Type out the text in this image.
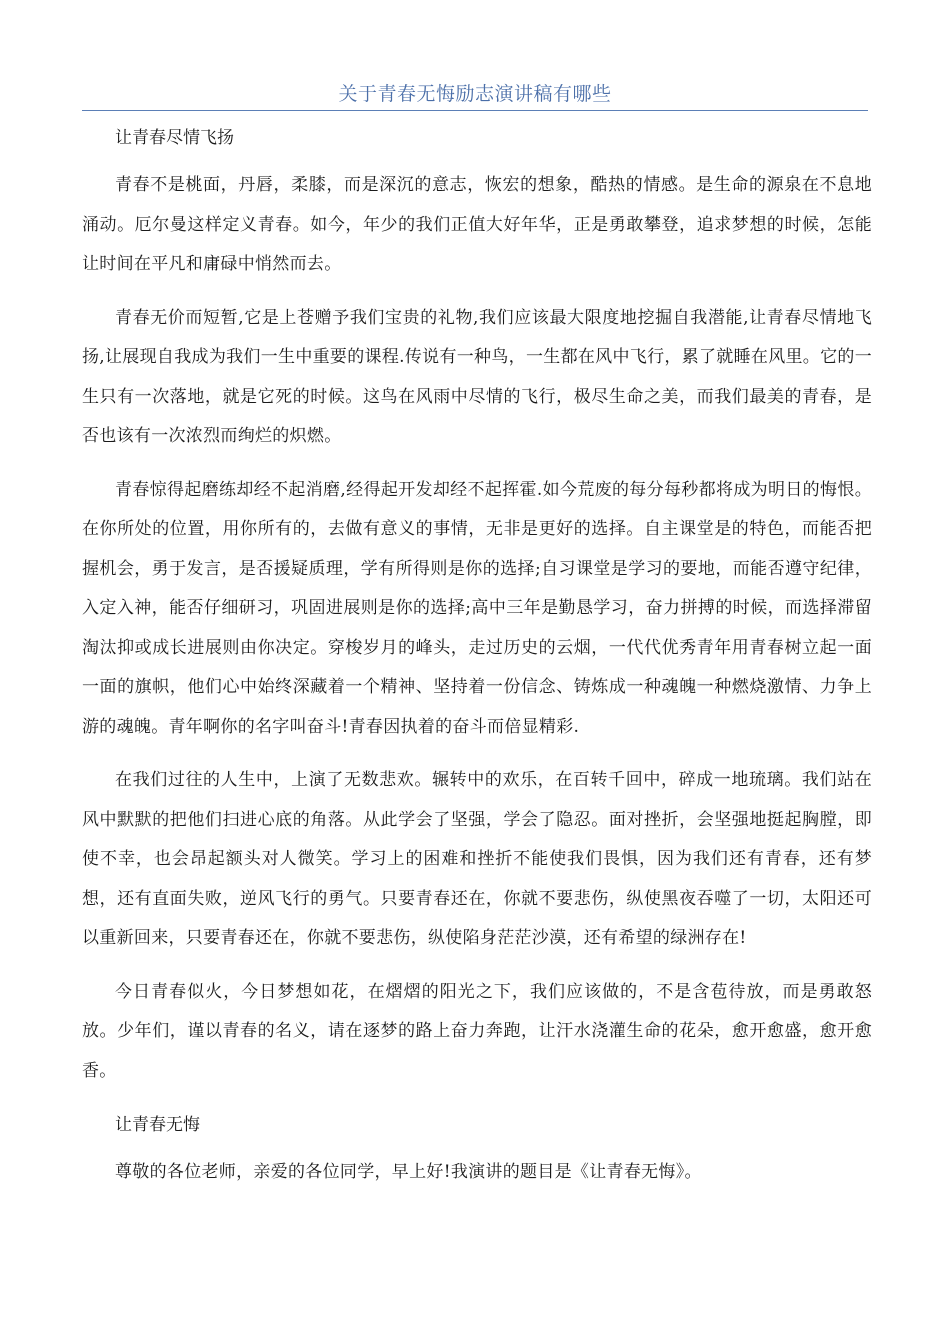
关于青春无悔励志演讲稿有哪些
让青春尽情飞扬

青春不是桃面，丹唇，柔膝，而是深沉的意志，恢宏的想象，酷热的情感。是生命的源泉在不息地涌动。厄尔曼这样定义青春。如今，年少的我们正值大好年华，正是勇敢攀登，追求梦想的时候，怎能让时间在平凡和庸碌中悄然而去。

青春无价而短暂,它是上苍赠予我们宝贵的礼物,我们应该最大限度地挖掘自我潜能,让青春尽情地飞扬,让展现自我成为我们一生中重要的课程.传说有一种鸟，一生都在风中飞行，累了就睡在风里。它的一生只有一次落地，就是它死的时候。这鸟在风雨中尽情的飞行，极尽生命之美，而我们最美的青春，是否也该有一次浓烈而绚烂的炽燃。

青春惊得起磨练却经不起消磨,经得起开发却经不起挥霍.如今荒废的每分每秒都将成为明日的悔恨。在你所处的位置，用你所有的，去做有意义的事情，无非是更好的选择。自主课堂是的特色，而能否把握机会，勇于发言，是否援疑质理，学有所得则是你的选择;自习课堂是学习的要地，而能否遵守纪律，入定入神，能否仔细研习，巩固进展则是你的选择;高中三年是勤恳学习，奋力拼搏的时候，而选择滞留淘汰抑或成长进展则由你决定。穿梭岁月的峰头，走过历史的云烟，一代代优秀青年用青春树立起一面一面的旗帜，他们心中始终深藏着一个精神、坚持着一份信念、铸炼成一种魂魄一种燃烧激情、力争上游的魂魄。青年啊你的名字叫奋斗!青春因执着的奋斗而倍显精彩.

在我们过往的人生中，上演了无数悲欢。辗转中的欢乐，在百转千回中，碎成一地琉璃。我们站在风中默默的把他们扫进心底的角落。从此学会了坚强，学会了隐忍。面对挫折，会坚强地挺起胸膛，即使不幸，也会昂起额头对人微笑。学习上的困难和挫折不能使我们畏惧，因为我们还有青春，还有梦想，还有直面失败，逆风飞行的勇气。只要青春还在，你就不要悲伤，纵使黑夜吞噬了一切，太阳还可以重新回来，只要青春还在，你就不要悲伤，纵使陷身茫茫沙漠，还有希望的绿洲存在!

今日青春似火，今日梦想如花，在熠熠的阳光之下，我们应该做的，不是含苞待放，而是勇敢怒放。少年们，谨以青春的名义，请在逐梦的路上奋力奔跑，让汗水浇灌生命的花朵，愈开愈盛，愈开愈香。

让青春无悔

尊敬的各位老师，亲爱的各位同学，早上好!我演讲的题目是《让青春无悔》。
